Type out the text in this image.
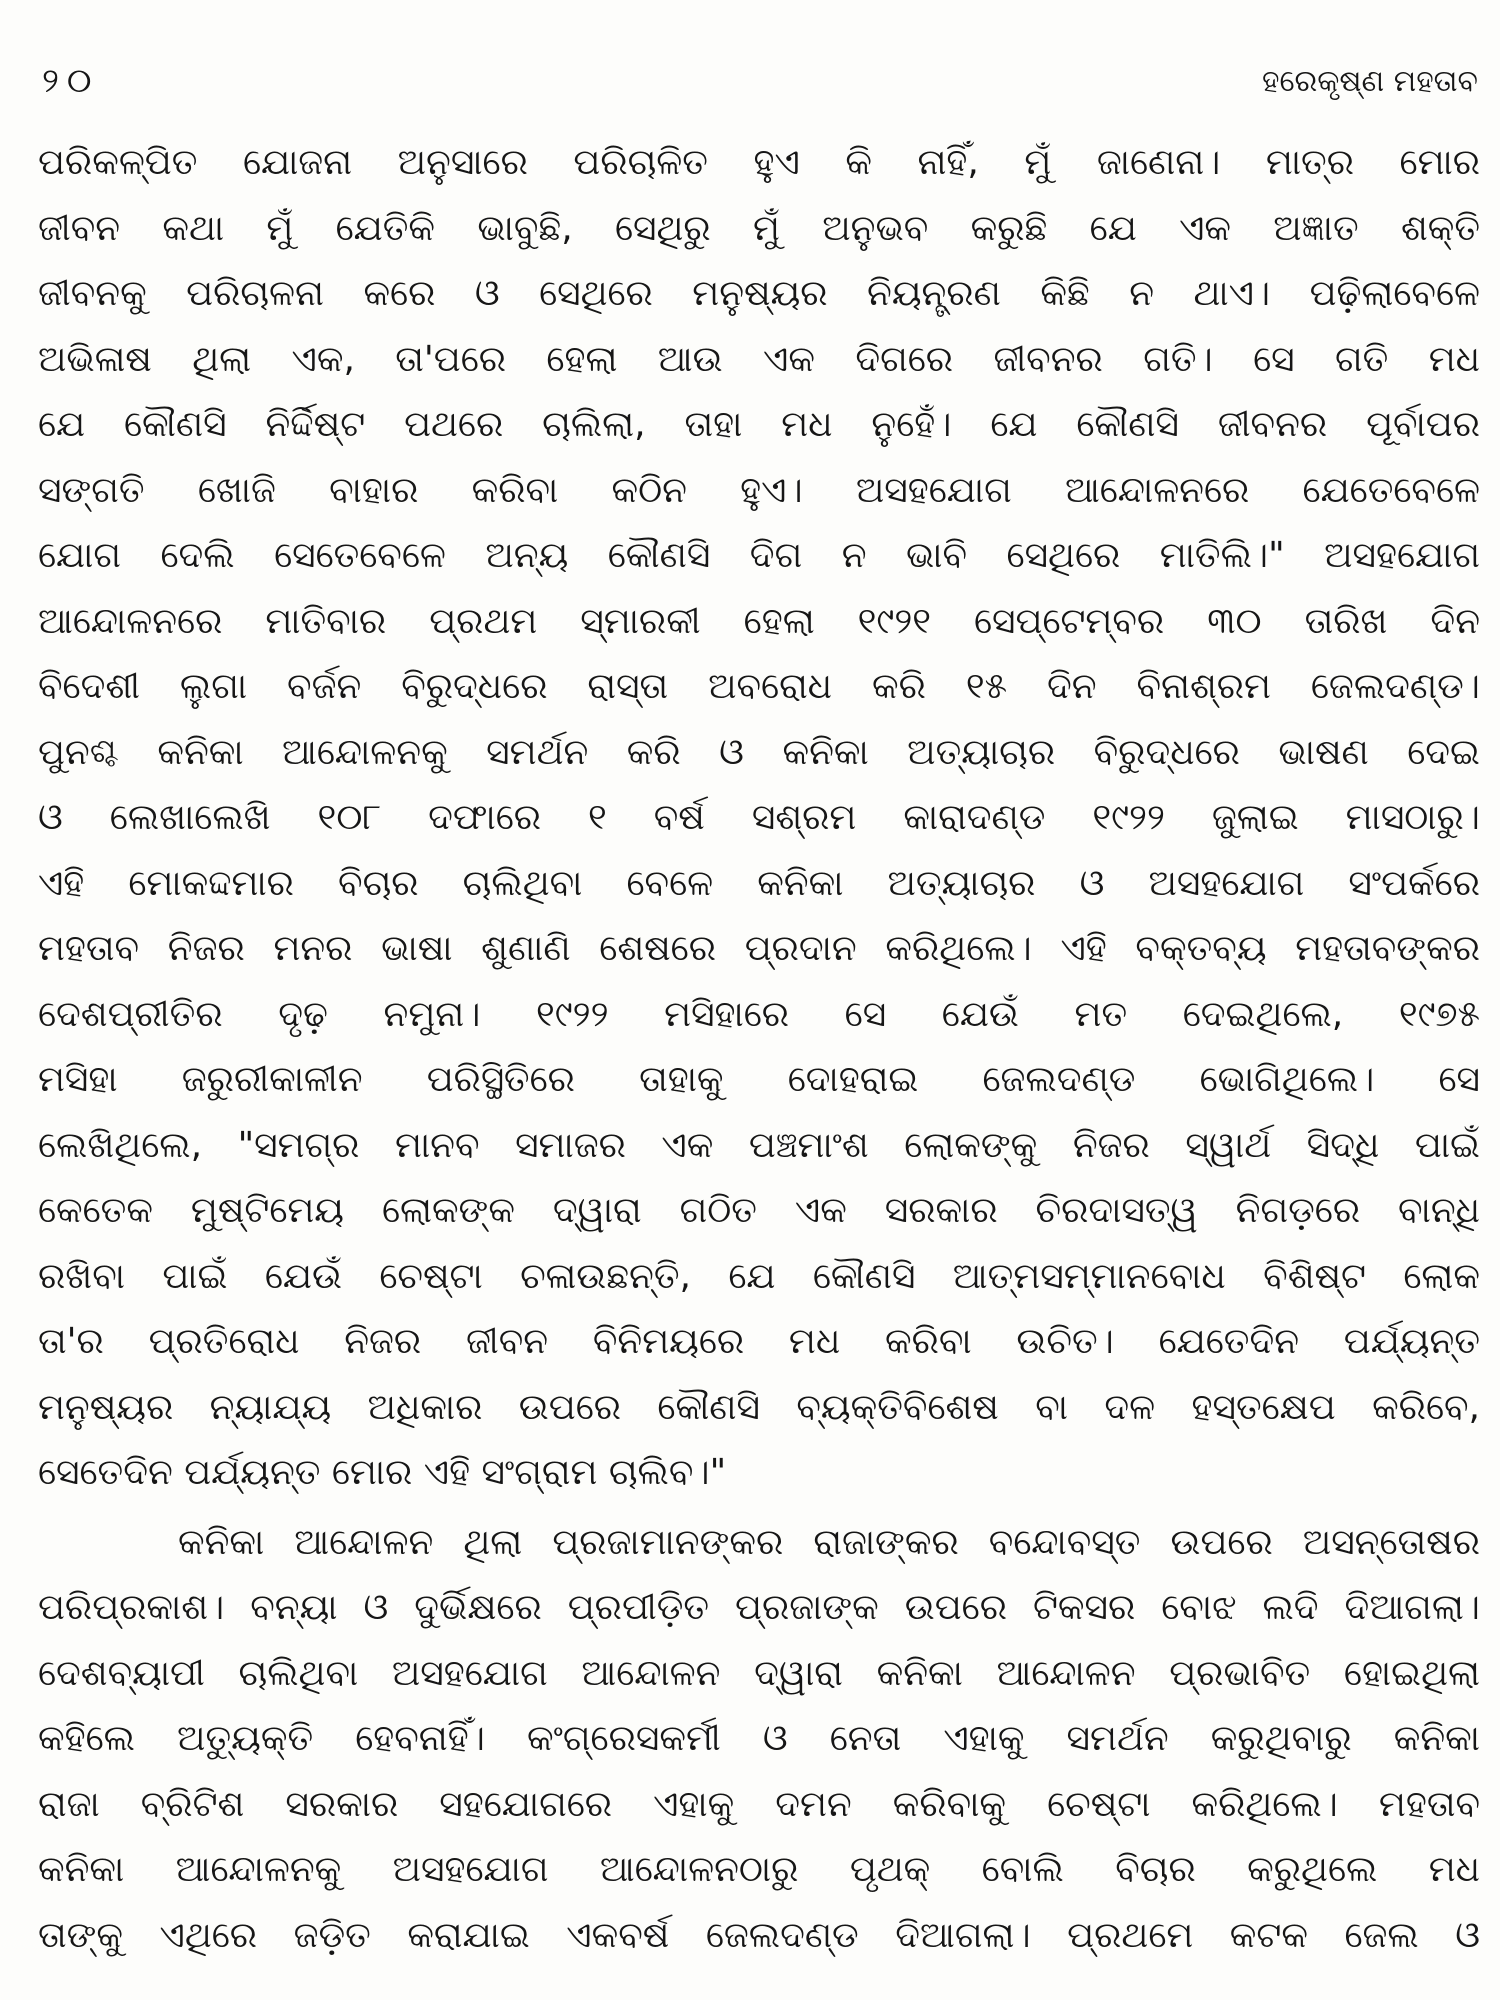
୨୦	ହରେକୃଷ୍ଣ ମହତାବ
ପରିକଳ୍ପିତ ଯୋଜନା ଅନୁସାରେ ପରିଚାଳିତ ହୁଏ କି ନାହିଁ, ମୁଁ ଜାଣେନା। ମାତ୍ର ମୋର
ଜୀବନ କଥା ମୁଁ ଯେତିକି ଭାବୁଛି, ସେଥିରୁ ମୁଁ ଅନୁଭବ କରୁଛି ଯେ ଏକ ଅଜ୍ଞାତ ଶକ୍ତି
ଜୀବନକୁ ପରିଚାଳନା କରେ ଓ ସେଥିରେ ମନୁଷ୍ୟର ନିୟନ୍ତ୍ରଣ କିଛି ନ ଥାଏ। ପଢ଼ିଲାବେଳେ
ଅଭିଳାଷ ଥିଲା ଏକ, ତା'ପରେ ହେଲା ଆଉ ଏକ ଦିଗରେ ଜୀବନର ଗତି। ସେ ଗତି ମଧ
ଯେ କୌଣସି ନିର୍ଦ୍ଦିଷ୍ଟ ପଥରେ ଚାଲିଲା, ତାହା ମଧ ନୁହେଁ। ଯେ କୌଣସି ଜୀବନର ପୂର୍ବାପର
ସଙ୍ଗତି ଖୋଜି ବାହାର କରିବା କଠିନ ହୁଏ। ଅସହଯୋଗ ଆନ୍ଦୋଳନରେ ଯେତେବେଳେ
ଯୋଗ ଦେଲି ସେତେବେଳେ ଅନ୍ୟ କୌଣସି ଦିଗ ନ ଭାବି ସେଥିରେ ମାତିଲି।" ଅସହଯୋଗ
ଆନ୍ଦୋଳନରେ ମାତିବାର ପ୍ରଥମ ସ୍ମାରକୀ ହେଲା ୧୯୨୧ ସେପ୍ଟେମ୍ବର ୩୦ ତାରିଖ ଦିନ
ବିଦେଶୀ ଲୁଗା ବର୍ଜନ ବିରୁଦ୍ଧରେ ରାସ୍ତା ଅବରୋଧ କରି ୧୫ ଦିନ ବିନାଶ୍ରମ ଜେଲଦଣ୍ଡ।
ପୁନଶ୍ଚ କନିକା ଆନ୍ଦୋଳନକୁ ସମର୍ଥନ କରି ଓ କନିକା ଅତ୍ୟାଚାର ବିରୁଦ୍ଧରେ ଭାଷଣ ଦେଇ
ଓ ଲେଖାଲେଖି ୧୦୮ ଦଫାରେ ୧ ବର୍ଷ ସଶ୍ରମ କାରାଦଣ୍ଡ ୧୯୨୨ ଜୁଲାଇ ମାସଠାରୁ।
ଏହି ମୋକଦ୍ଦମାର ବିଚାର ଚାଲିଥିବା ବେଳେ କନିକା ଅତ୍ୟାଚାର ଓ ଅସହଯୋଗ ସଂପର୍କରେ
ମହତାବ ନିଜର ମନର ଭାଷା ଶୁଣାଣି ଶେଷରେ ପ୍ରଦାନ କରିଥିଲେ। ଏହି ବକ୍ତବ୍ୟ ମହତାବଙ୍କର
ଦେଶପ୍ରୀତିର ଦୃଢ଼ ନମୁନା। ୧୯୨୨ ମସିହାରେ ସେ ଯେଉଁ ମତ ଦେଇଥିଲେ, ୧୯୭୫
ମସିହା ଜରୁରୀକାଳୀନ ପରିସ୍ଥିତିରେ ତାହାକୁ ଦୋହରାଇ ଜେଲଦଣ୍ଡ ଭୋଗିଥିଲେ। ସେ
ଲେଖିଥିଲେ, "ସମଗ୍ର ମାନବ ସମାଜର ଏକ ପଞ୍ଚମାଂଶ ଲୋକଙ୍କୁ ନିଜର ସ୍ୱାର୍ଥ ସିଦ୍ଧି ପାଇଁ
କେତେକ ମୁଷ୍ଟିମେୟ ଲୋକଙ୍କ ଦ୍ୱାରା ଗଠିତ ଏକ ସରକାର ଚିରଦାସତ୍ୱ ନିଗଡ଼ରେ ବାନ୍ଧି
ରଖିବା ପାଇଁ ଯେଉଁ ଚେଷ୍ଟା ଚଳାଉଛନ୍ତି, ଯେ କୌଣସି ଆତ୍ମସମ୍ମାନବୋଧ ବିଶିଷ୍ଟ ଲୋକ
ତା'ର ପ୍ରତିରୋଧ ନିଜର ଜୀବନ ବିନିମୟରେ ମଧ କରିବା ଉଚିତ। ଯେତେଦିନ ପର୍ଯ୍ୟନ୍ତ
ମନୁଷ୍ୟର ନ୍ୟାଯ୍ୟ ଅଧିକାର ଉପରେ କୌଣସି ବ୍ୟକ୍ତିବିଶେଷ ବା ଦଳ ହସ୍ତକ୍ଷେପ କରିବେ,
ସେତେଦିନ ପର୍ଯ୍ୟନ୍ତ ମୋର ଏହି ସଂଗ୍ରାମ ଚାଲିବ।"
କନିକା ଆନ୍ଦୋଳନ ଥିଲା ପ୍ରଜାମାନଙ୍କର ରାଜାଙ୍କର ବନ୍ଦୋବସ୍ତ ଉପରେ ଅସନ୍ତୋଷର
ପରିପ୍ରକାଶ। ବନ୍ୟା ଓ ଦୁର୍ଭିକ୍ଷରେ ପ୍ରପୀଡ଼ିତ ପ୍ରଜାଙ୍କ ଉପରେ ଟିକସର ବୋଝ ଲଦି ଦିଆଗଲା।
ଦେଶବ୍ୟାପୀ ଚାଲିଥିବା ଅସହଯୋଗ ଆନ୍ଦୋଳନ ଦ୍ୱାରା କନିକା ଆନ୍ଦୋଳନ ପ୍ରଭାବିତ ହୋଇଥିଲା
କହିଲେ ଅତ୍ୟୁକ୍ତି ହେବନାହିଁ। କଂଗ୍ରେସକର୍ମୀ ଓ ନେତା ଏହାକୁ ସମର୍ଥନ କରୁଥିବାରୁ କନିକା
ରାଜା ବ୍ରିଟିଶ ସରକାର ସହଯୋଗରେ ଏହାକୁ ଦମନ କରିବାକୁ ଚେଷ୍ଟା କରିଥିଲେ। ମହତାବ
କନିକା ଆନ୍ଦୋଳନକୁ ଅସହଯୋଗ ଆନ୍ଦୋଳନଠାରୁ ପୃଥକ୍ ବୋଲି ବିଚାର କରୁଥିଲେ ମଧ
ତାଙ୍କୁ ଏଥିରେ ଜଡ଼ିତ କରାଯାଇ ଏକବର୍ଷ ଜେଲଦଣ୍ଡ ଦିଆଗଲା। ପ୍ରଥମେ କଟକ ଜେଲ ଓ
